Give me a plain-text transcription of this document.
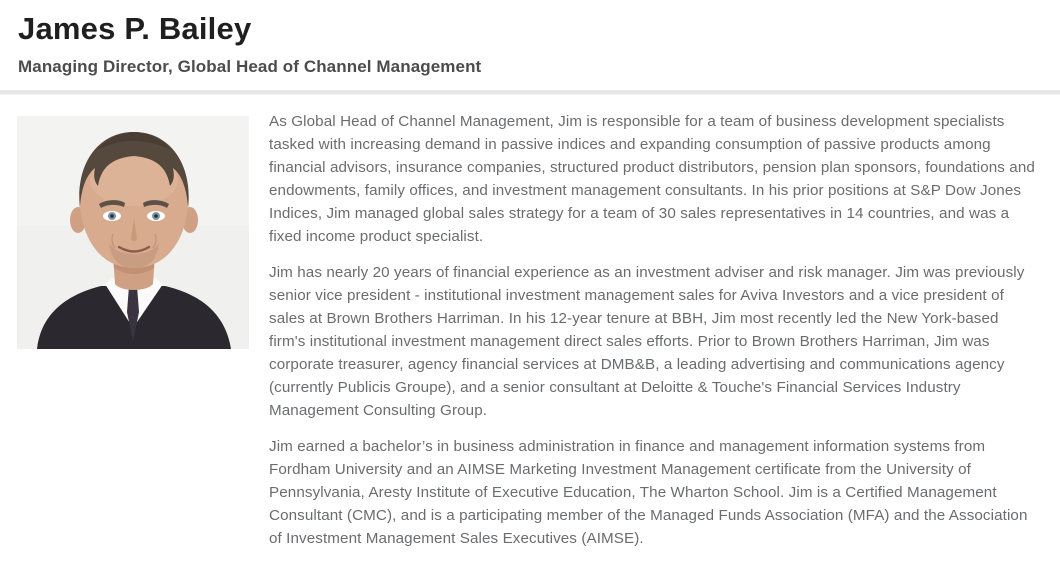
James P. Bailey
Managing Director, Global Head of Channel Management

As Global Head of Channel Management, Jim is responsible for a team of business development specialists tasked with increasing demand in passive indices and expanding consumption of passive products among financial advisors, insurance companies, structured product distributors, pension plan sponsors, foundations and endowments, family offices, and investment management consultants. In his prior positions at S&P Dow Jones Indices, Jim managed global sales strategy for a team of 30 sales representatives in 14 countries, and was a fixed income product specialist.

Jim has nearly 20 years of financial experience as an investment adviser and risk manager. Jim was previously senior vice president - institutional investment management sales for Aviva Investors and a vice president of sales at Brown Brothers Harriman. In his 12-year tenure at BBH, Jim most recently led the New York-based firm's institutional investment management direct sales efforts. Prior to Brown Brothers Harriman, Jim was corporate treasurer, agency financial services at DMB&B, a leading advertising and communications agency (currently Publicis Groupe), and a senior consultant at Deloitte & Touche's Financial Services Industry Management Consulting Group.

Jim earned a bachelor’s in business administration in finance and management information systems from Fordham University and an AIMSE Marketing Investment Management certificate from the University of Pennsylvania, Aresty Institute of Executive Education, The Wharton School. Jim is a Certified Management Consultant (CMC), and is a participating member of the Managed Funds Association (MFA) and the Association of Investment Management Sales Executives (AIMSE).
